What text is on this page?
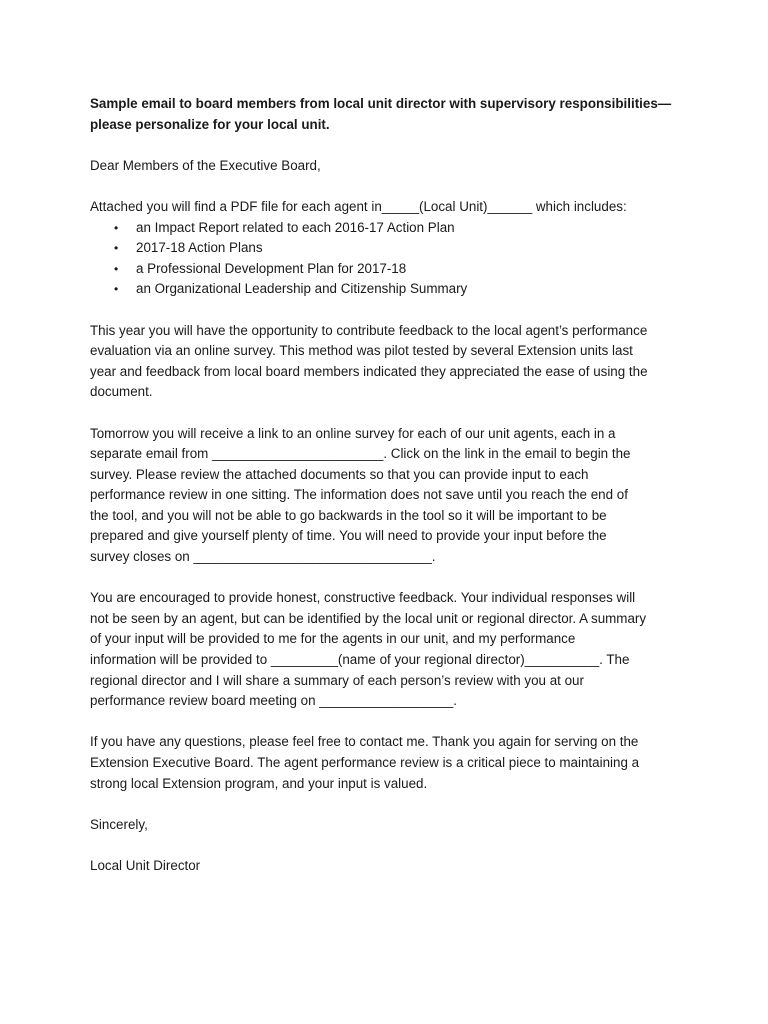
Sample email to board members from local unit director with supervisory responsibilities—
please personalize for your local unit.
Dear Members of the Executive Board,
Attached you will find a PDF file for each agent in_____(Local Unit)______ which includes:
•	an Impact Report related to each 2016-17 Action Plan
•	2017-18 Action Plans
•	a Professional Development Plan for 2017-18
•	an Organizational Leadership and Citizenship Summary
This year you will have the opportunity to contribute feedback to the local agent’s performance
evaluation via an online survey. This method was pilot tested by several Extension units last
year and feedback from local board members indicated they appreciated the ease of using the
document.
Tomorrow you will receive a link to an online survey for each of our unit agents, each in a
separate email from _______________________. Click on the link in the email to begin the
survey. Please review the attached documents so that you can provide input to each
performance review in one sitting. The information does not save until you reach the end of
the tool, and you will not be able to go backwards in the tool so it will be important to be
prepared and give yourself plenty of time. You will need to provide your input before the
survey closes on ________________________________.
You are encouraged to provide honest, constructive feedback. Your individual responses will
not be seen by an agent, but can be identified by the local unit or regional director. A summary
of your input will be provided to me for the agents in our unit, and my performance
information will be provided to _________(name of your regional director)__________. The
regional director and I will share a summary of each person’s review with you at our
performance review board meeting on __________________.
If you have any questions, please feel free to contact me. Thank you again for serving on the
Extension Executive Board. The agent performance review is a critical piece to maintaining a
strong local Extension program, and your input is valued.
Sincerely,
Local Unit Director
